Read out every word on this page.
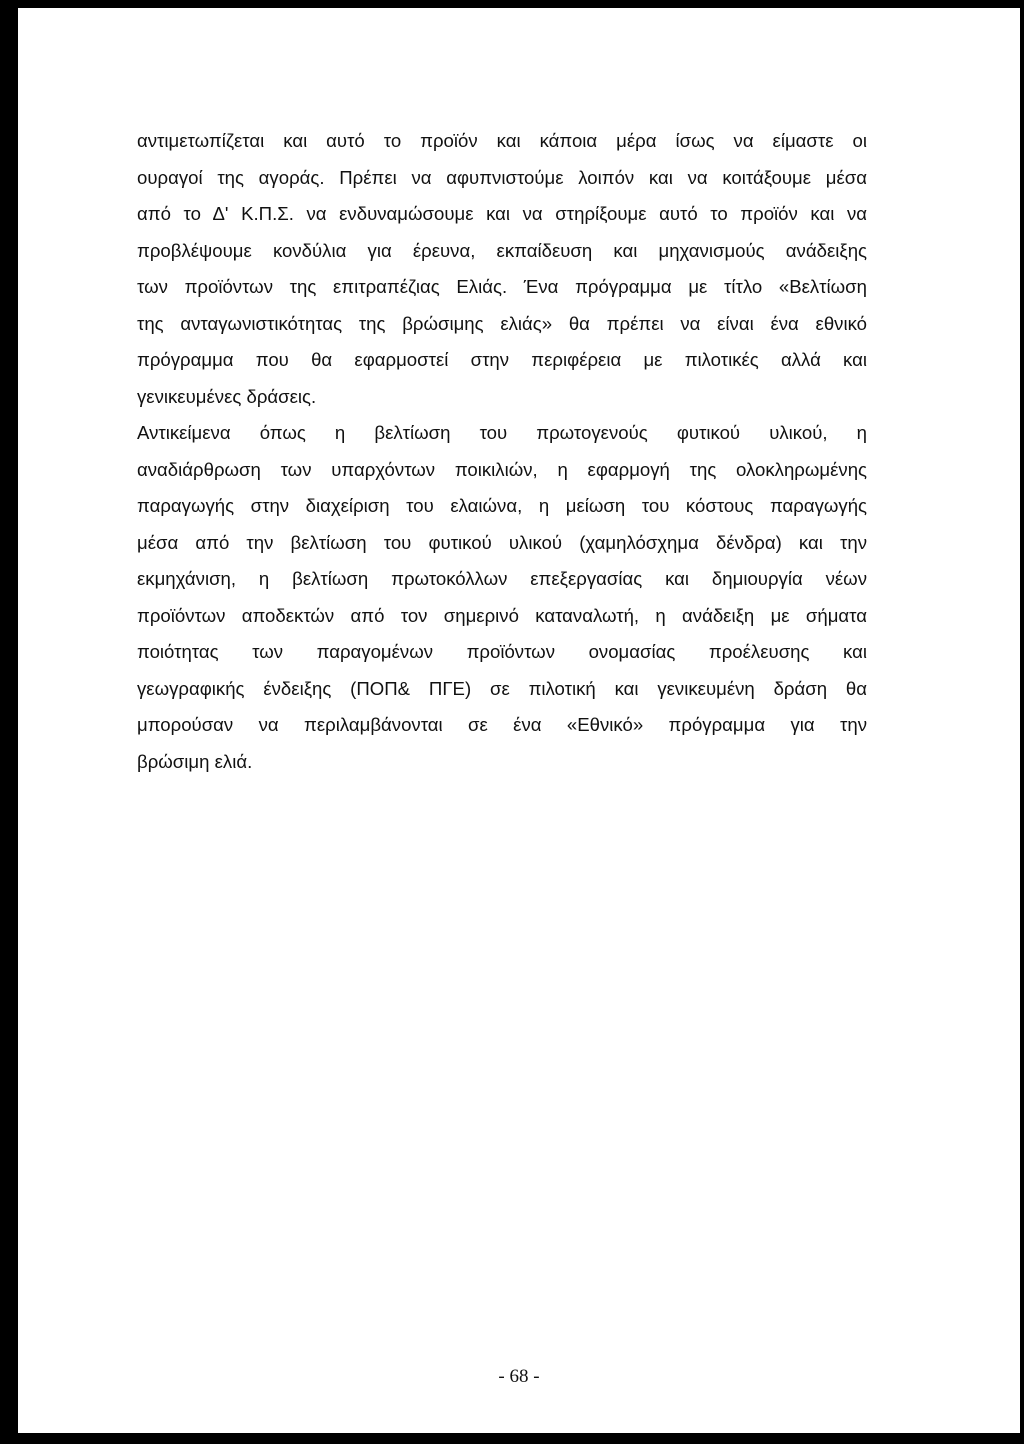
αντιμετωπίζεται και αυτό το προϊόν και κάποια μέρα ίσως να είμαστε οι
ουραγοί της αγοράς. Πρέπει να αφυπνιστούμε λοιπόν και να κοιτάξουμε μέσα
από το Δ' Κ.Π.Σ. να ενδυναμώσουμε και να στηρίξουμε αυτό το προϊόν και να
προβλέψουμε κονδύλια για έρευνα, εκπαίδευση και μηχανισμούς ανάδειξης
των προϊόντων της επιτραπέζιας Ελιάς. Ένα πρόγραμμα με τίτλο «Βελτίωση
της ανταγωνιστικότητας της βρώσιμης ελιάς» θα πρέπει να είναι ένα εθνικό
πρόγραμμα που θα εφαρμοστεί στην περιφέρεια με πιλοτικές αλλά και
γενικευμένες δράσεις.
Αντικείμενα όπως η βελτίωση του πρωτογενούς φυτικού υλικού, η
αναδιάρθρωση των υπαρχόντων ποικιλιών, η εφαρμογή της ολοκληρωμένης
παραγωγής στην διαχείριση του ελαιώνα, η μείωση του κόστους παραγωγής
μέσα από την βελτίωση του φυτικού υλικού (χαμηλόσχημα δένδρα) και την
εκμηχάνιση, η βελτίωση πρωτοκόλλων επεξεργασίας και δημιουργία νέων
προϊόντων αποδεκτών από τον σημερινό καταναλωτή, η ανάδειξη με σήματα
ποιότητας των παραγομένων προϊόντων ονομασίας προέλευσης και
γεωγραφικής ένδειξης (ΠΟΠ& ΠΓΕ) σε πιλοτική και γενικευμένη δράση θα
μπορούσαν να περιλαμβάνονται σε ένα «Εθνικό» πρόγραμμα για την
βρώσιμη ελιά.

- 68 -
